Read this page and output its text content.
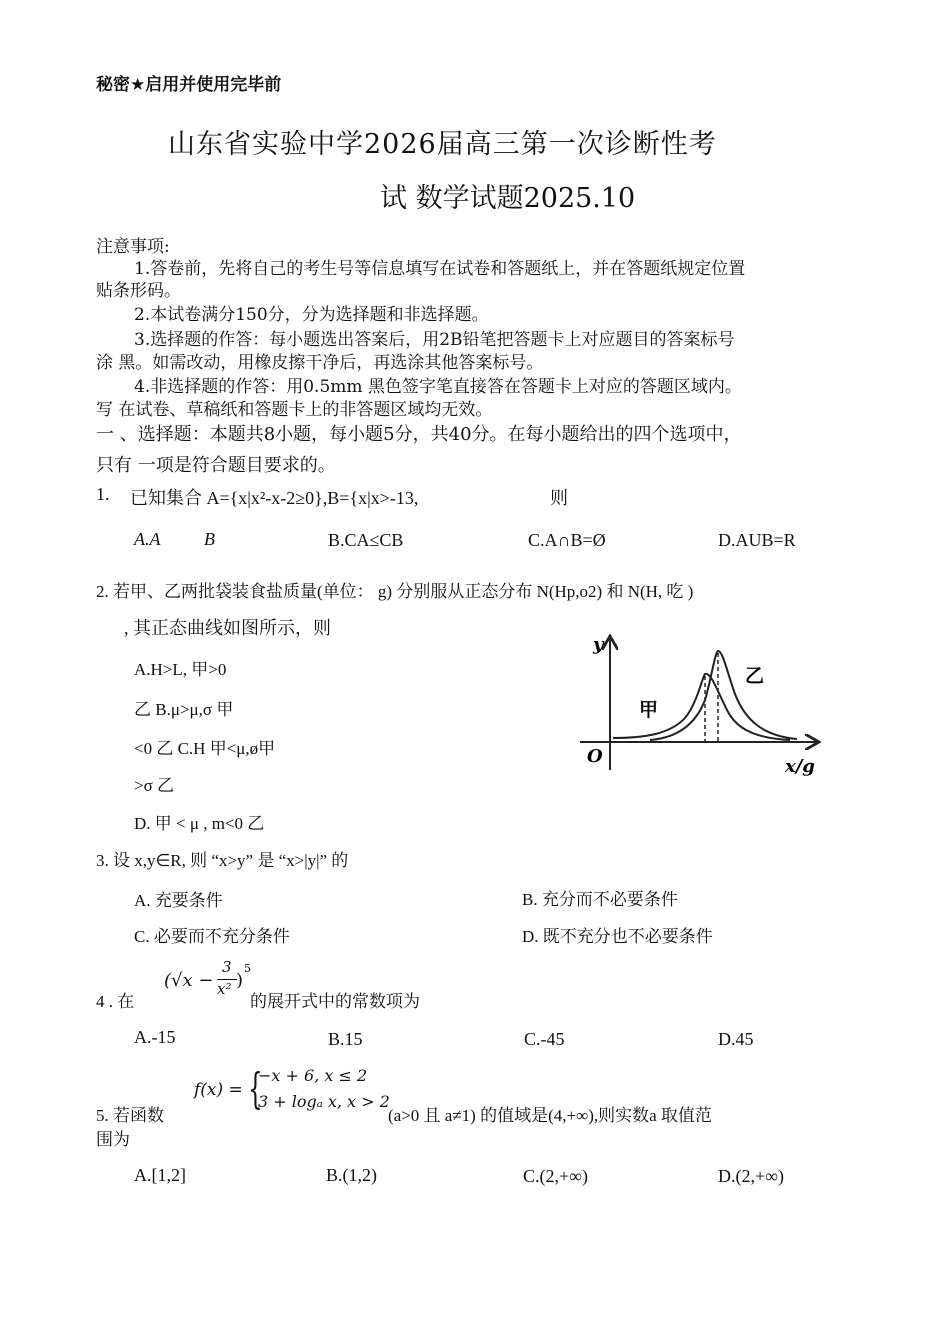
秘密★启用并使用完毕前
山东省实验中学2026届高三第一次诊断性考
试 数学试题2025.10
注意事项:
1.答卷前，先将自己的考生号等信息填写在试卷和答题纸上，并在答题纸规定位置
贴条形码。
2.本试卷满分150分，分为选择题和非选择题。
3.选择题的作答：每小题选出答案后，用2B铅笔把答题卡上对应题目的答案标号
涂 黑。如需改动，用橡皮擦干净后，再选涂其他答案标号。
4.非选择题的作答：用0.5mm 黑色签字笔直接答在答题卡上对应的答题区域内。
写 在试卷、草稿纸和答题卡上的非答题区域均无效。
一 、选择题：本题共8小题，每小题5分，共40分。在每小题给出的四个选项中，
只有 一项是符合题目要求的。
1. 已知集合 A={x|x²-x-2≥0},B={x|x>-13,	则
A.A B	B.CA≤CB	C.A∩B=Ø	D.AUB=R
2. 若甲、乙两批袋装食盐质量(单位： g) 分别服从正态分布 N(Hp,o2) 和 N(H, 吃 )
, 其正态曲线如图所示，则
A.H>L, 甲>0
乙 B.μ>μ,σ 甲
<0 乙 C.H 甲<μ,ø甲
>σ 乙
D. 甲 < μ , m<0 乙
y
O	x/g
甲
乙
3. 设 x,y∈R, 则 “x>y” 是 “x>|y|” 的
A. 充要条件	B. 充分而不必要条件
C. 必要而不充分条件	D. 既不充分也不必要条件
4 . 在
(√x −
3
x² )
5
的展开式中的常数项为
A.-15	B.15	C.-45	D.45
5. 若函数
f(x) = {
−x + 6, x ≤ 2
3 + logₐ x, x > 2
(a>0 且 a≠1) 的值域是(4,+∞),则实数a 取值范
围为
A.[1,2]	B.(1,2)	C.(2,+∞)	D.(2,+∞)
